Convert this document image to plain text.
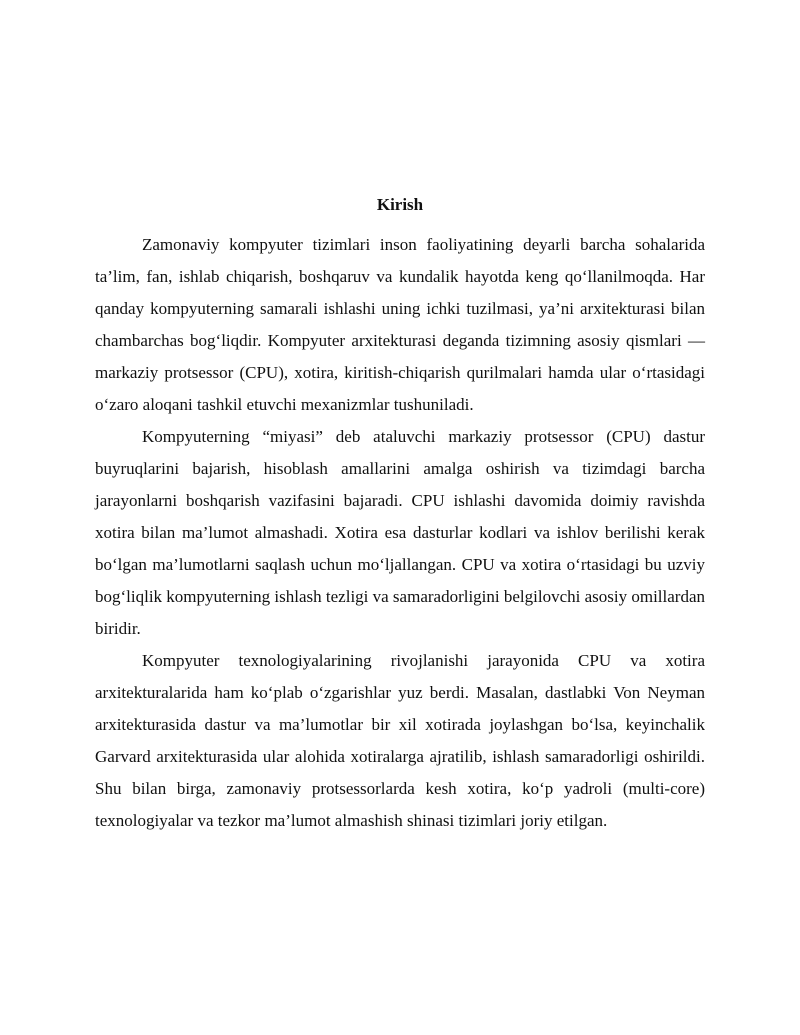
Kirish

Zamonaviy kompyuter tizimlari inson faoliyatining deyarli barcha sohalarida ta’lim, fan, ishlab chiqarish, boshqaruv va kundalik hayotda keng qo‘llanilmoqda. Har qanday kompyuterning samarali ishlashi uning ichki tuzilmasi, ya’ni arxitekturasi bilan chambarchas bog‘liqdir. Kompyuter arxitekturasi deganda tizimning asosiy qismlari — markaziy protsessor (CPU), xotira, kiritish-chiqarish qurilmalari hamda ular o‘rtasidagi o‘zaro aloqani tashkil etuvchi mexanizmlar tushuniladi.

Kompyuterning “miyasi” deb ataluvchi markaziy protsessor (CPU) dastur buyruqlarini bajarish, hisoblash amallarini amalga oshirish va tizimdagi barcha jarayonlarni boshqarish vazifasini bajaradi. CPU ishlashi davomida doimiy ravishda xotira bilan ma’lumot almashadi. Xotira esa dasturlar kodlari va ishlov berilishi kerak bo‘lgan ma’lumotlarni saqlash uchun mo‘ljallangan. CPU va xotira o‘rtasidagi bu uzviy bog‘liqlik kompyuterning ishlash tezligi va samaradorligini belgilovchi asosiy omillardan biridir.

Kompyuter texnologiyalarining rivojlanishi jarayonida CPU va xotira arxitekturalarida ham ko‘plab o‘zgarishlar yuz berdi. Masalan, dastlabki Von Neyman arxitekturasida dastur va ma’lumotlar bir xil xotirada joylashgan bo‘lsa, keyinchalik Garvard arxitekturasida ular alohida xotiralarga ajratilib, ishlash samaradorligi oshirildi. Shu bilan birga, zamonaviy protsessorlarda kesh xotira, ko‘p yadroli (multi-core) texnologiyalar va tezkor ma’lumot almashish shinasi tizimlari joriy etilgan.
